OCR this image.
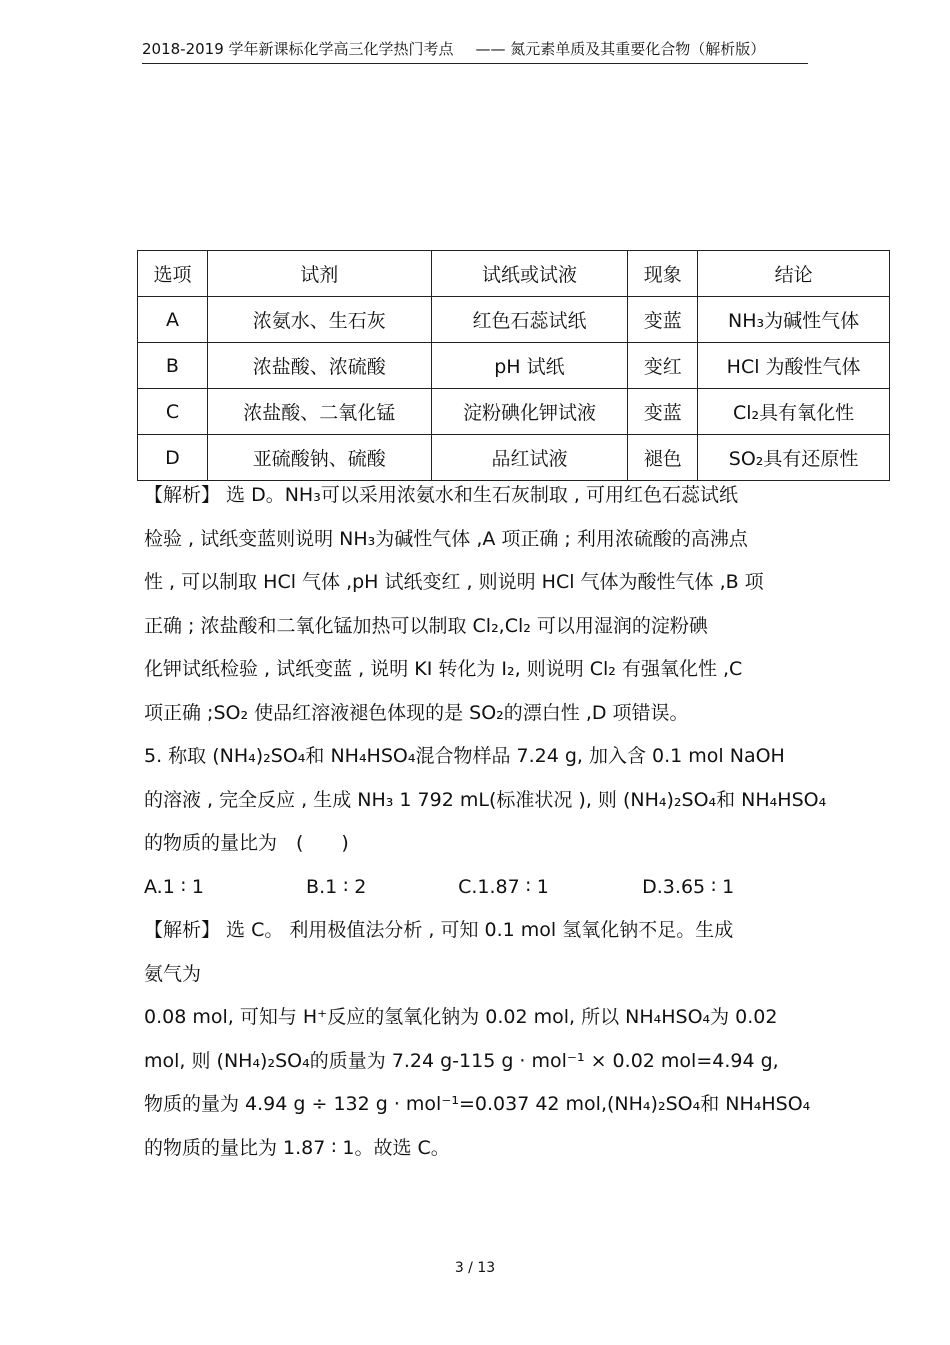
2018-2019 学年新课标化学高三化学热门考点 —— 氮元素单质及其重要化合物（解析版）
选项	试剂	试纸或试液	现象	结论
A	浓氨水、生石灰	红色石蕊试纸	变蓝	NH₃为碱性气体
B	浓盐酸、浓硫酸	pH 试纸	变红	HCl 为酸性气体
C	浓盐酸、二氧化锰	淀粉碘化钾试液	变蓝	Cl₂具有氧化性
D	亚硫酸钠、硫酸	品红试液	褪色	SO₂具有还原性
【解析】 选 D。NH₃可以采用浓氨水和生石灰制取 , 可用红色石蕊试纸
检验 , 试纸变蓝则说明 NH₃为碱性气体 ,A 项正确 ; 利用浓硫酸的高沸点
性 , 可以制取 HCl 气体 ,pH 试纸变红 , 则说明 HCl 气体为酸性气体 ,B 项
正确 ; 浓盐酸和二氧化锰加热可以制取 Cl₂,Cl₂ 可以用湿润的淀粉碘
化钾试纸检验 , 试纸变蓝 , 说明 KI 转化为 I₂, 则说明 Cl₂ 有强氧化性 ,C
项正确 ;SO₂ 使品红溶液褪色体现的是 SO₂的漂白性 ,D 项错误。
5. 称取 (NH₄)₂SO₄和 NH₄HSO₄混合物样品 7.24 g, 加入含 0.1 mol NaOH
的溶液 , 完全反应 , 生成 NH₃ 1 792 mL(标准状况 ), 则 (NH₄)₂SO₄和 NH₄HSO₄
的物质的量比为　(　　)
A.1 ∶ 1	B.1 ∶ 2	C.1.87 ∶ 1	D.3.65 ∶ 1
【解析】 选 C。 利用极值法分析 , 可知 0.1 mol 氢氧化钠不足。生成
氨气为
0.08 mol, 可知与 H⁺反应的氢氧化钠为 0.02 mol, 所以 NH₄HSO₄为 0.02
mol, 则 (NH₄)₂SO₄的质量为 7.24 g-115 g · mol⁻¹ × 0.02 mol=4.94 g,
物质的量为 4.94 g ÷ 132 g · mol⁻¹=0.037 42 mol,(NH₄)₂SO₄和 NH₄HSO₄
的物质的量比为 1.87 ∶ 1。故选 C。
3 / 13
